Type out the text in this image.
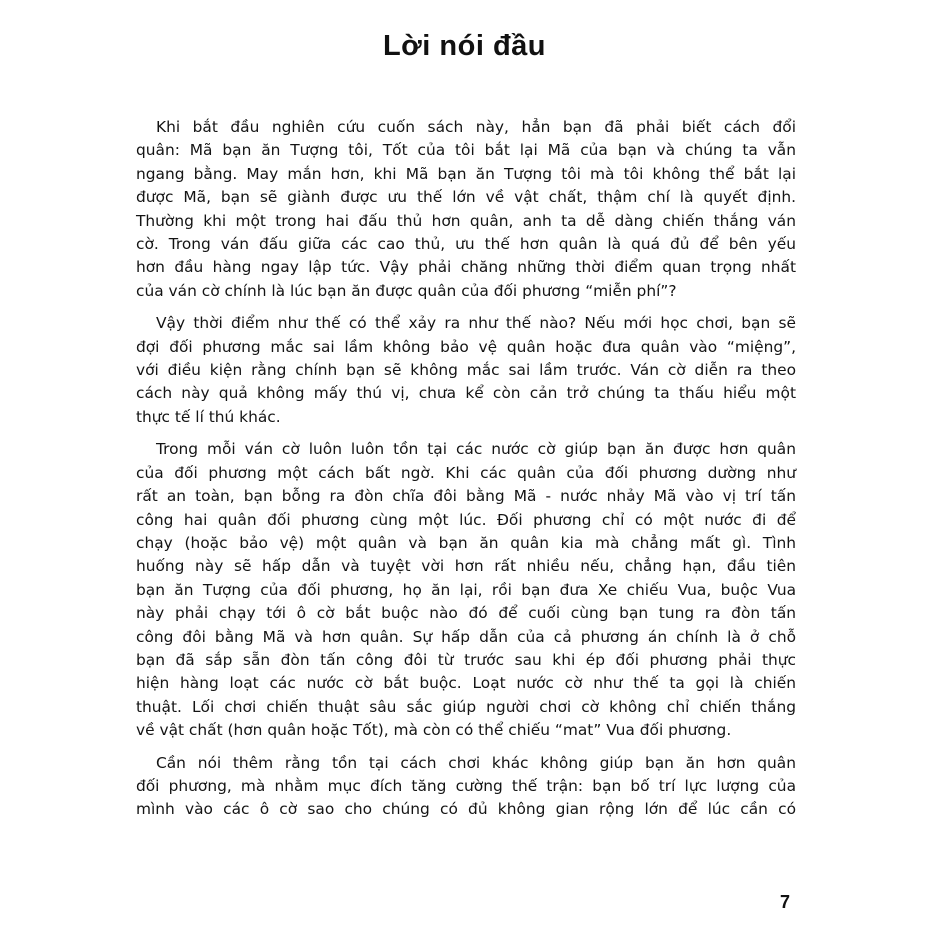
Lời nói đầu

Khi bắt đầu nghiên cứu cuốn sách này, hẳn bạn đã phải biết cách đổi
quân: Mã bạn ăn Tượng tôi, Tốt của tôi bắt lại Mã của bạn và chúng ta vẫn
ngang bằng. May mắn hơn, khi Mã bạn ăn Tượng tôi mà tôi không thể bắt lại
được Mã, bạn sẽ giành được ưu thế lớn về vật chất, thậm chí là quyết định.
Thường khi một trong hai đấu thủ hơn quân, anh ta dễ dàng chiến thắng ván
cờ. Trong ván đấu giữa các cao thủ, ưu thế hơn quân là quá đủ để bên yếu
hơn đầu hàng ngay lập tức. Vậy phải chăng những thời điểm quan trọng nhất
của ván cờ chính là lúc bạn ăn được quân của đối phương “miễn phí”?

Vậy thời điểm như thế có thể xảy ra như thế nào? Nếu mới học chơi, bạn sẽ
đợi đối phương mắc sai lầm không bảo vệ quân hoặc đưa quân vào “miệng”,
với điều kiện rằng chính bạn sẽ không mắc sai lầm trước. Ván cờ diễn ra theo
cách này quả không mấy thú vị, chưa kể còn cản trở chúng ta thấu hiểu một
thực tế lí thú khác.

Trong mỗi ván cờ luôn luôn tồn tại các nước cờ giúp bạn ăn được hơn quân
của đối phương một cách bất ngờ. Khi các quân của đối phương dường như
rất an toàn, bạn bỗng ra đòn chĩa đôi bằng Mã - nước nhảy Mã vào vị trí tấn
công hai quân đối phương cùng một lúc. Đối phương chỉ có một nước đi để
chạy (hoặc bảo vệ) một quân và bạn ăn quân kia mà chẳng mất gì. Tình
huống này sẽ hấp dẫn và tuyệt vời hơn rất nhiều nếu, chẳng hạn, đầu tiên
bạn ăn Tượng của đối phương, họ ăn lại, rồi bạn đưa Xe chiếu Vua, buộc Vua
này phải chạy tới ô cờ bắt buộc nào đó để cuối cùng bạn tung ra đòn tấn
công đôi bằng Mã và hơn quân. Sự hấp dẫn của cả phương án chính là ở chỗ
bạn đã sắp sẵn đòn tấn công đôi từ trước sau khi ép đối phương phải thực
hiện hàng loạt các nước cờ bắt buộc. Loạt nước cờ như thế ta gọi là chiến
thuật. Lối chơi chiến thuật sâu sắc giúp người chơi cờ không chỉ chiến thắng
về vật chất (hơn quân hoặc Tốt), mà còn có thể chiếu “mat” Vua đối phương.

Cần nói thêm rằng tồn tại cách chơi khác không giúp bạn ăn hơn quân
đối phương, mà nhằm mục đích tăng cường thế trận: bạn bố trí lực lượng của
mình vào các ô cờ sao cho chúng có đủ không gian rộng lớn để lúc cần có

7
